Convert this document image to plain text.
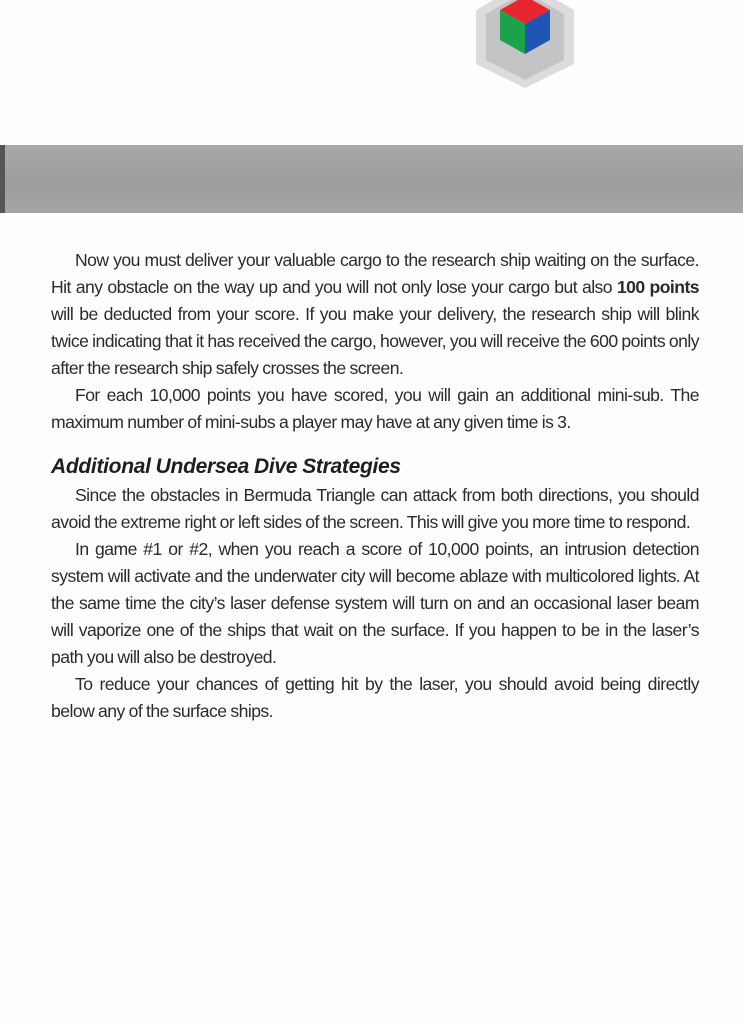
Now you must deliver your valuable cargo to the research ship waiting on the surface. Hit any obstacle on the way up and you will not only lose your cargo but also 100 points will be deducted from your score. If you make your delivery, the research ship will blink twice indicating that it has received the cargo, however, you will receive the 600 points only after the research ship safely crosses the screen.

For each 10,000 points you have scored, you will gain an additional mini-sub. The maximum number of mini-subs a player may have at any given time is 3.

Additional Undersea Dive Strategies

Since the obstacles in Bermuda Triangle can attack from both directions, you should avoid the extreme right or left sides of the screen. This will give you more time to respond.

In game #1 or #2, when you reach a score of 10,000 points, an intrusion detection system will activate and the underwater city will become ablaze with multicolored lights. At the same time the city’s laser defense system will turn on and an occasional laser beam will vaporize one of the ships that wait on the surface. If you happen to be in the laser’s path you will also be destroyed.

To reduce your chances of getting hit by the laser, you should avoid being directly below any of the surface ships.
